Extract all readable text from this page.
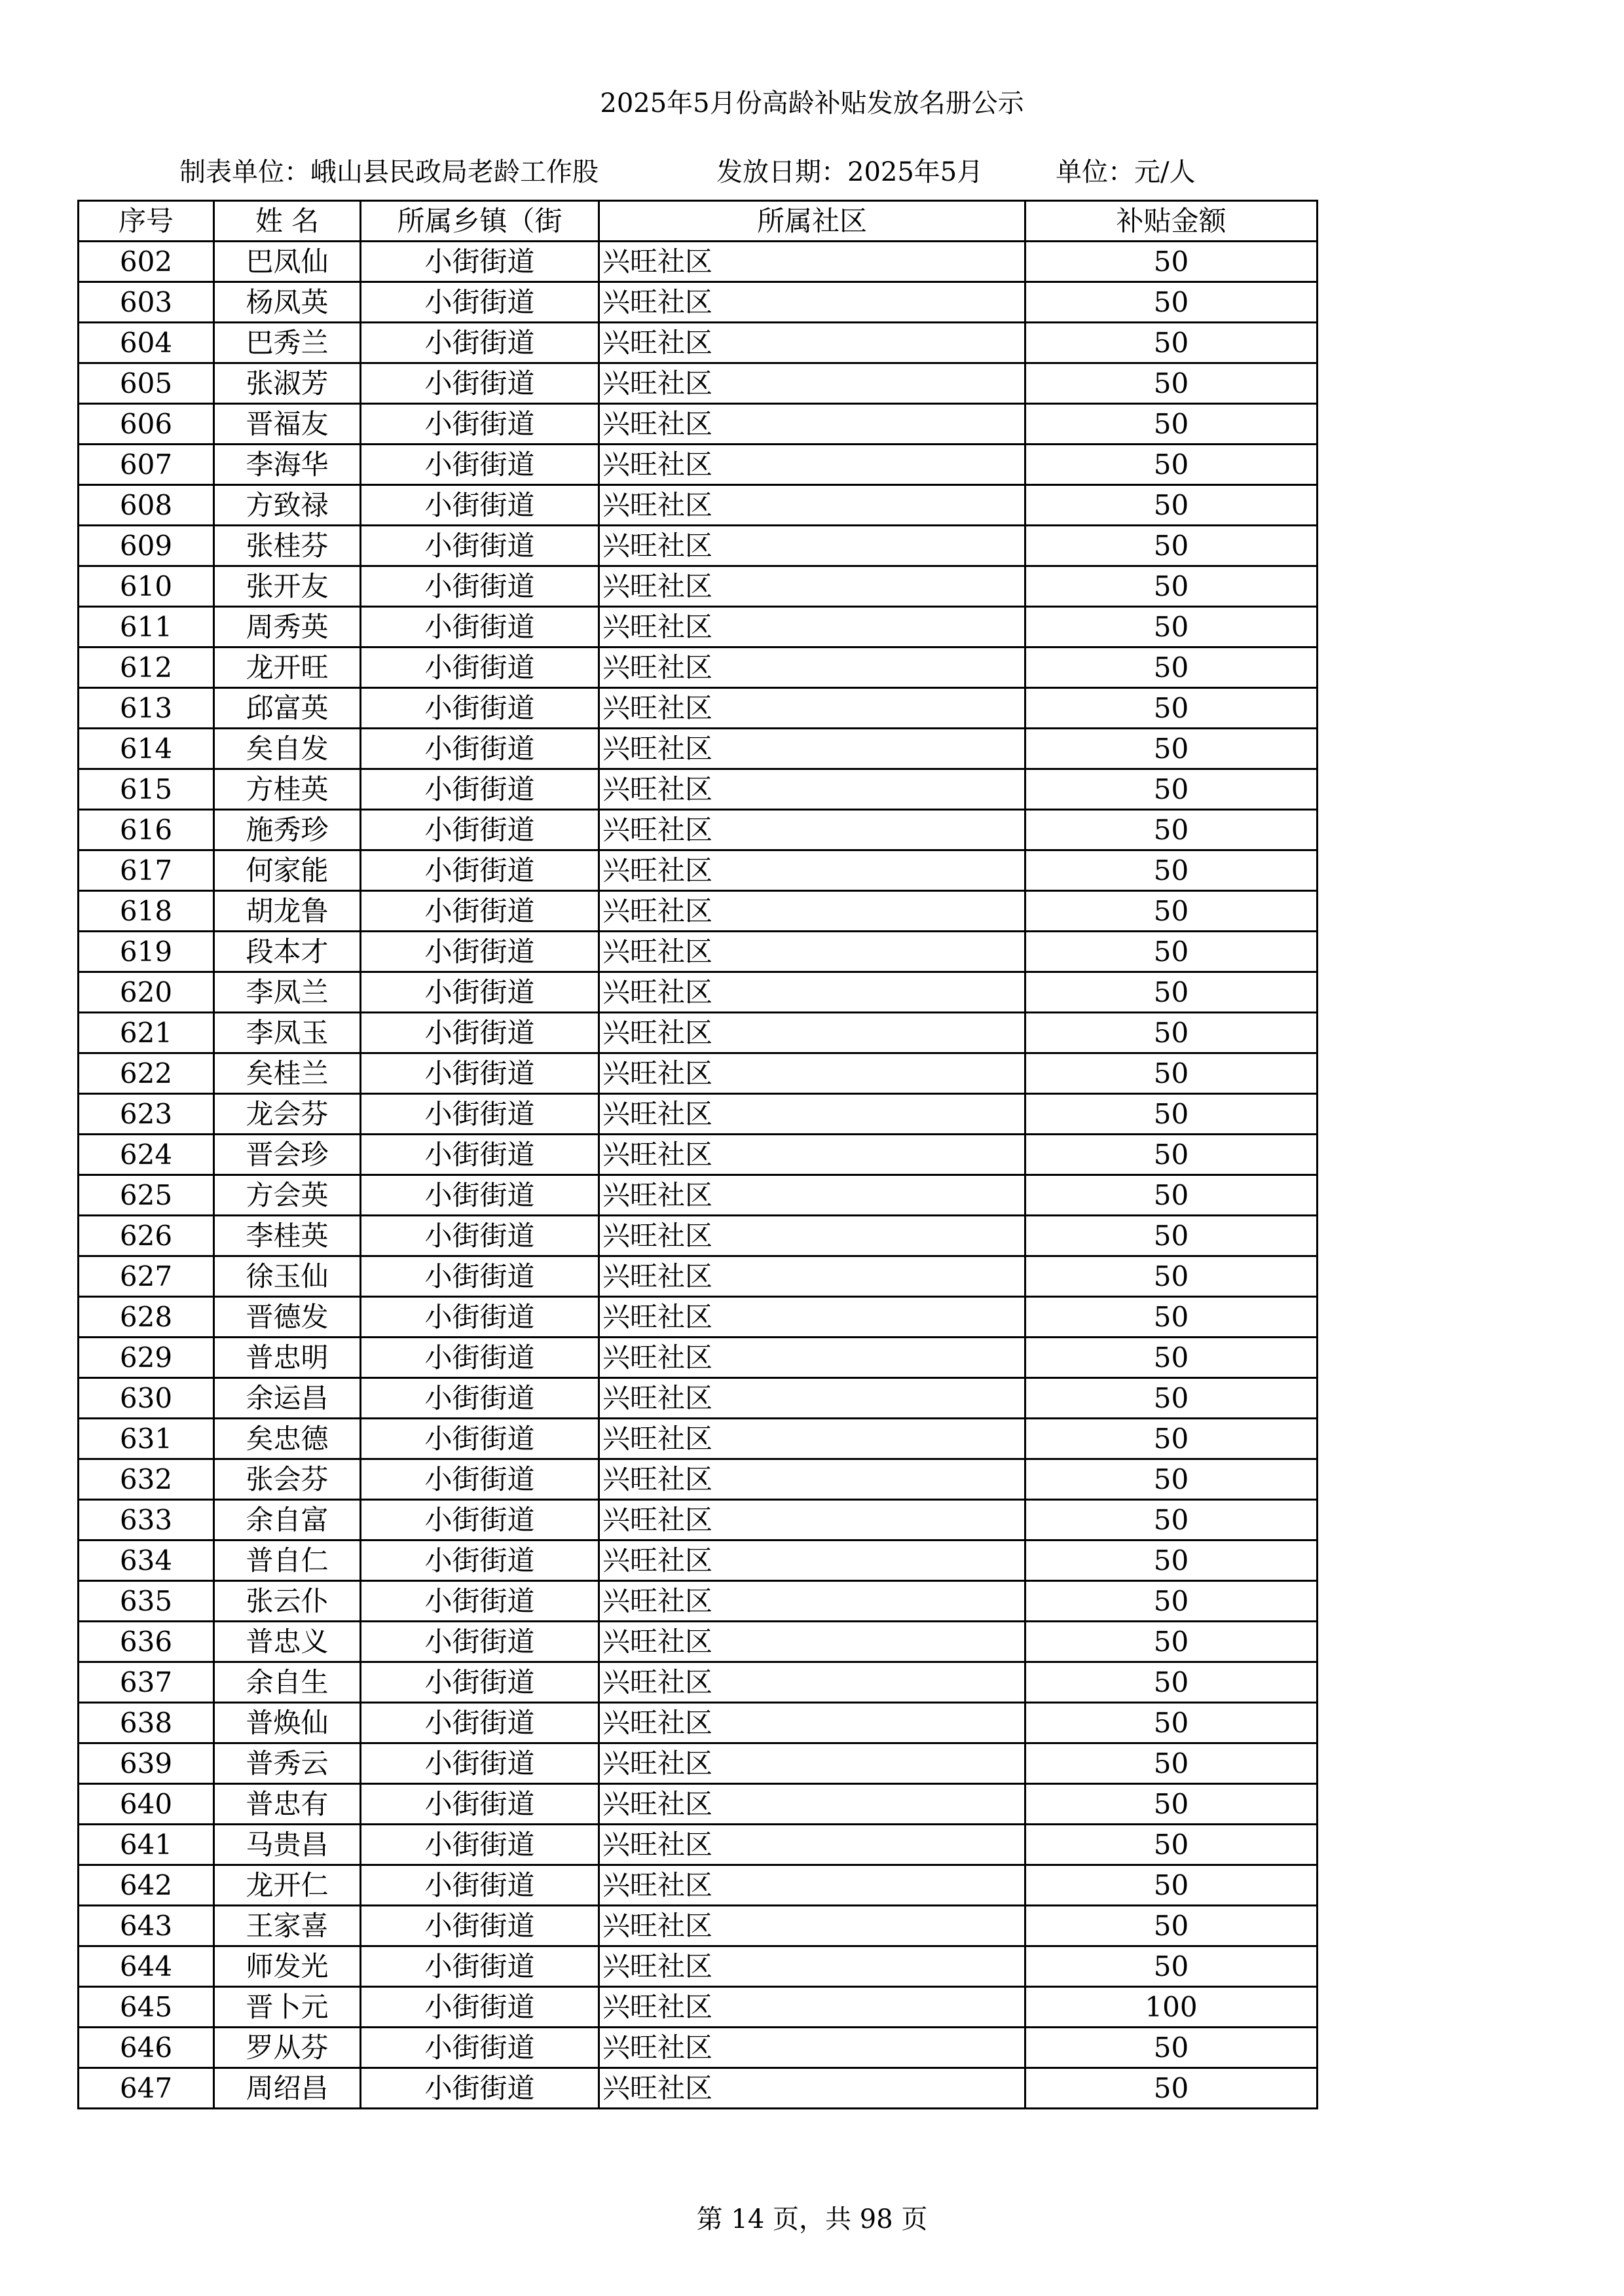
2025年5月份高龄补贴发放名册公示
制表单位：峨山县民政局老龄工作股	发放日期：2025年5月	单位：元/人
序号	姓 名	所属乡镇（街	所属社区	补贴金额
602	巴凤仙	小街街道	兴旺社区	50
603	杨凤英	小街街道	兴旺社区	50
604	巴秀兰	小街街道	兴旺社区	50
605	张淑芳	小街街道	兴旺社区	50
606	晋福友	小街街道	兴旺社区	50
607	李海华	小街街道	兴旺社区	50
608	方致禄	小街街道	兴旺社区	50
609	张桂芬	小街街道	兴旺社区	50
610	张开友	小街街道	兴旺社区	50
611	周秀英	小街街道	兴旺社区	50
612	龙开旺	小街街道	兴旺社区	50
613	邱富英	小街街道	兴旺社区	50
614	矣自发	小街街道	兴旺社区	50
615	方桂英	小街街道	兴旺社区	50
616	施秀珍	小街街道	兴旺社区	50
617	何家能	小街街道	兴旺社区	50
618	胡龙鲁	小街街道	兴旺社区	50
619	段本才	小街街道	兴旺社区	50
620	李凤兰	小街街道	兴旺社区	50
621	李凤玉	小街街道	兴旺社区	50
622	矣桂兰	小街街道	兴旺社区	50
623	龙会芬	小街街道	兴旺社区	50
624	晋会珍	小街街道	兴旺社区	50
625	方会英	小街街道	兴旺社区	50
626	李桂英	小街街道	兴旺社区	50
627	徐玉仙	小街街道	兴旺社区	50
628	晋德发	小街街道	兴旺社区	50
629	普忠明	小街街道	兴旺社区	50
630	余运昌	小街街道	兴旺社区	50
631	矣忠德	小街街道	兴旺社区	50
632	张会芬	小街街道	兴旺社区	50
633	余自富	小街街道	兴旺社区	50
634	普自仁	小街街道	兴旺社区	50
635	张云仆	小街街道	兴旺社区	50
636	普忠义	小街街道	兴旺社区	50
637	余自生	小街街道	兴旺社区	50
638	普焕仙	小街街道	兴旺社区	50
639	普秀云	小街街道	兴旺社区	50
640	普忠有	小街街道	兴旺社区	50
641	马贵昌	小街街道	兴旺社区	50
642	龙开仁	小街街道	兴旺社区	50
643	王家喜	小街街道	兴旺社区	50
644	师发光	小街街道	兴旺社区	50
645	晋卜元	小街街道	兴旺社区	100
646	罗从芬	小街街道	兴旺社区	50
647	周绍昌	小街街道	兴旺社区	50
第 14 页，共 98 页
